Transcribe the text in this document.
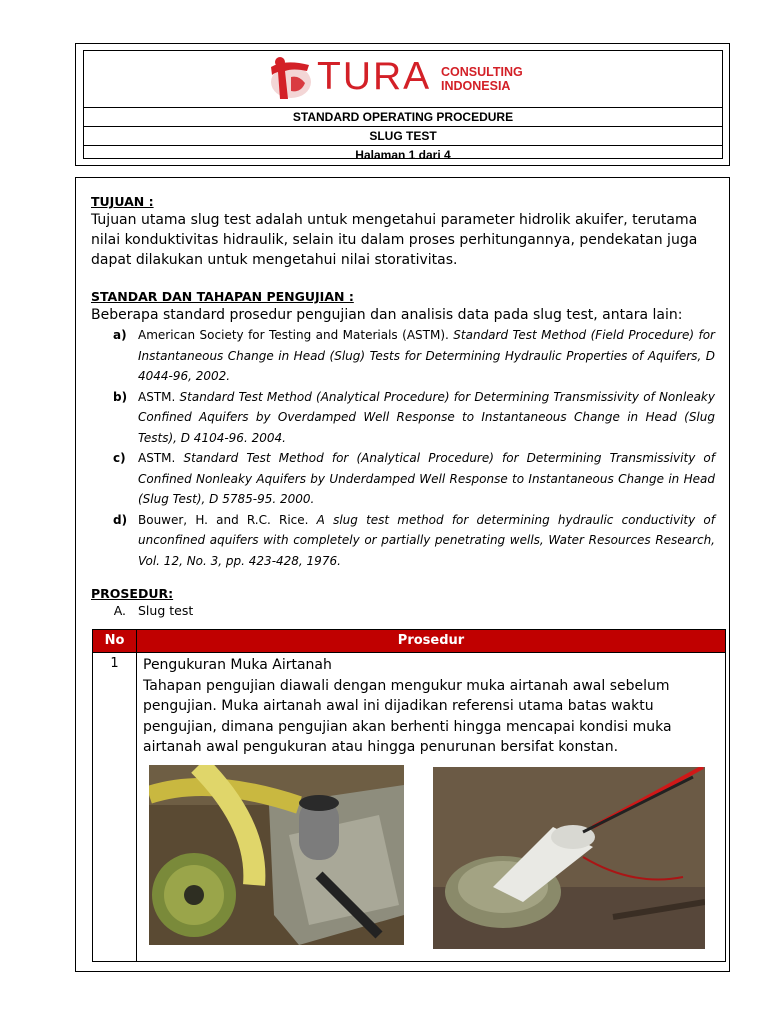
TURA CONSULTING
INDONESIA
STANDARD OPERATING PROCEDURE
SLUG TEST
Halaman 1 dari 4
TUJUAN :
Tujuan utama slug test adalah untuk mengetahui parameter hidrolik akuifer, terutama nilai konduktivitas hidraulik, selain itu dalam proses perhitungannya, pendekatan juga dapat dilakukan untuk mengetahui nilai storativitas.
STANDAR DAN TAHAPAN PENGUJIAN :
Beberapa standard prosedur pengujian dan analisis data pada slug test, antara lain:
a) American Society for Testing and Materials (ASTM). Standard Test Method (Field Procedure) for Instantaneous Change in Head (Slug) Tests for Determining Hydraulic Properties of Aquifers, D 4044-96, 2002.
b) ASTM. Standard Test Method (Analytical Procedure) for Determining Transmissivity of Nonleaky Confined Aquifers by Overdamped Well Response to Instantaneous Change in Head (Slug Tests), D 4104-96. 2004.
c) ASTM. Standard Test Method for (Analytical Procedure) for Determining Transmissivity of Confined Nonleaky Aquifers by Underdamped Well Response to Instantaneous Change in Head (Slug Test), D 5785-95. 2000.
d) Bouwer, H. and R.C. Rice. A slug test method for determining hydraulic conductivity of unconfined aquifers with completely or partially penetrating wells, Water Resources Research, Vol. 12, No. 3, pp. 423-428, 1976.
PROSEDUR:
A. Slug test
No	Prosedur
1	Pengukuran Muka Airtanah
Tahapan pengujian diawali dengan mengukur muka airtanah awal sebelum pengujian. Muka airtanah awal ini dijadikan referensi utama batas waktu pengujian, dimana pengujian akan berhenti hingga mencapai kondisi muka airtanah awal pengukuran atau hingga penurunan bersifat konstan.
